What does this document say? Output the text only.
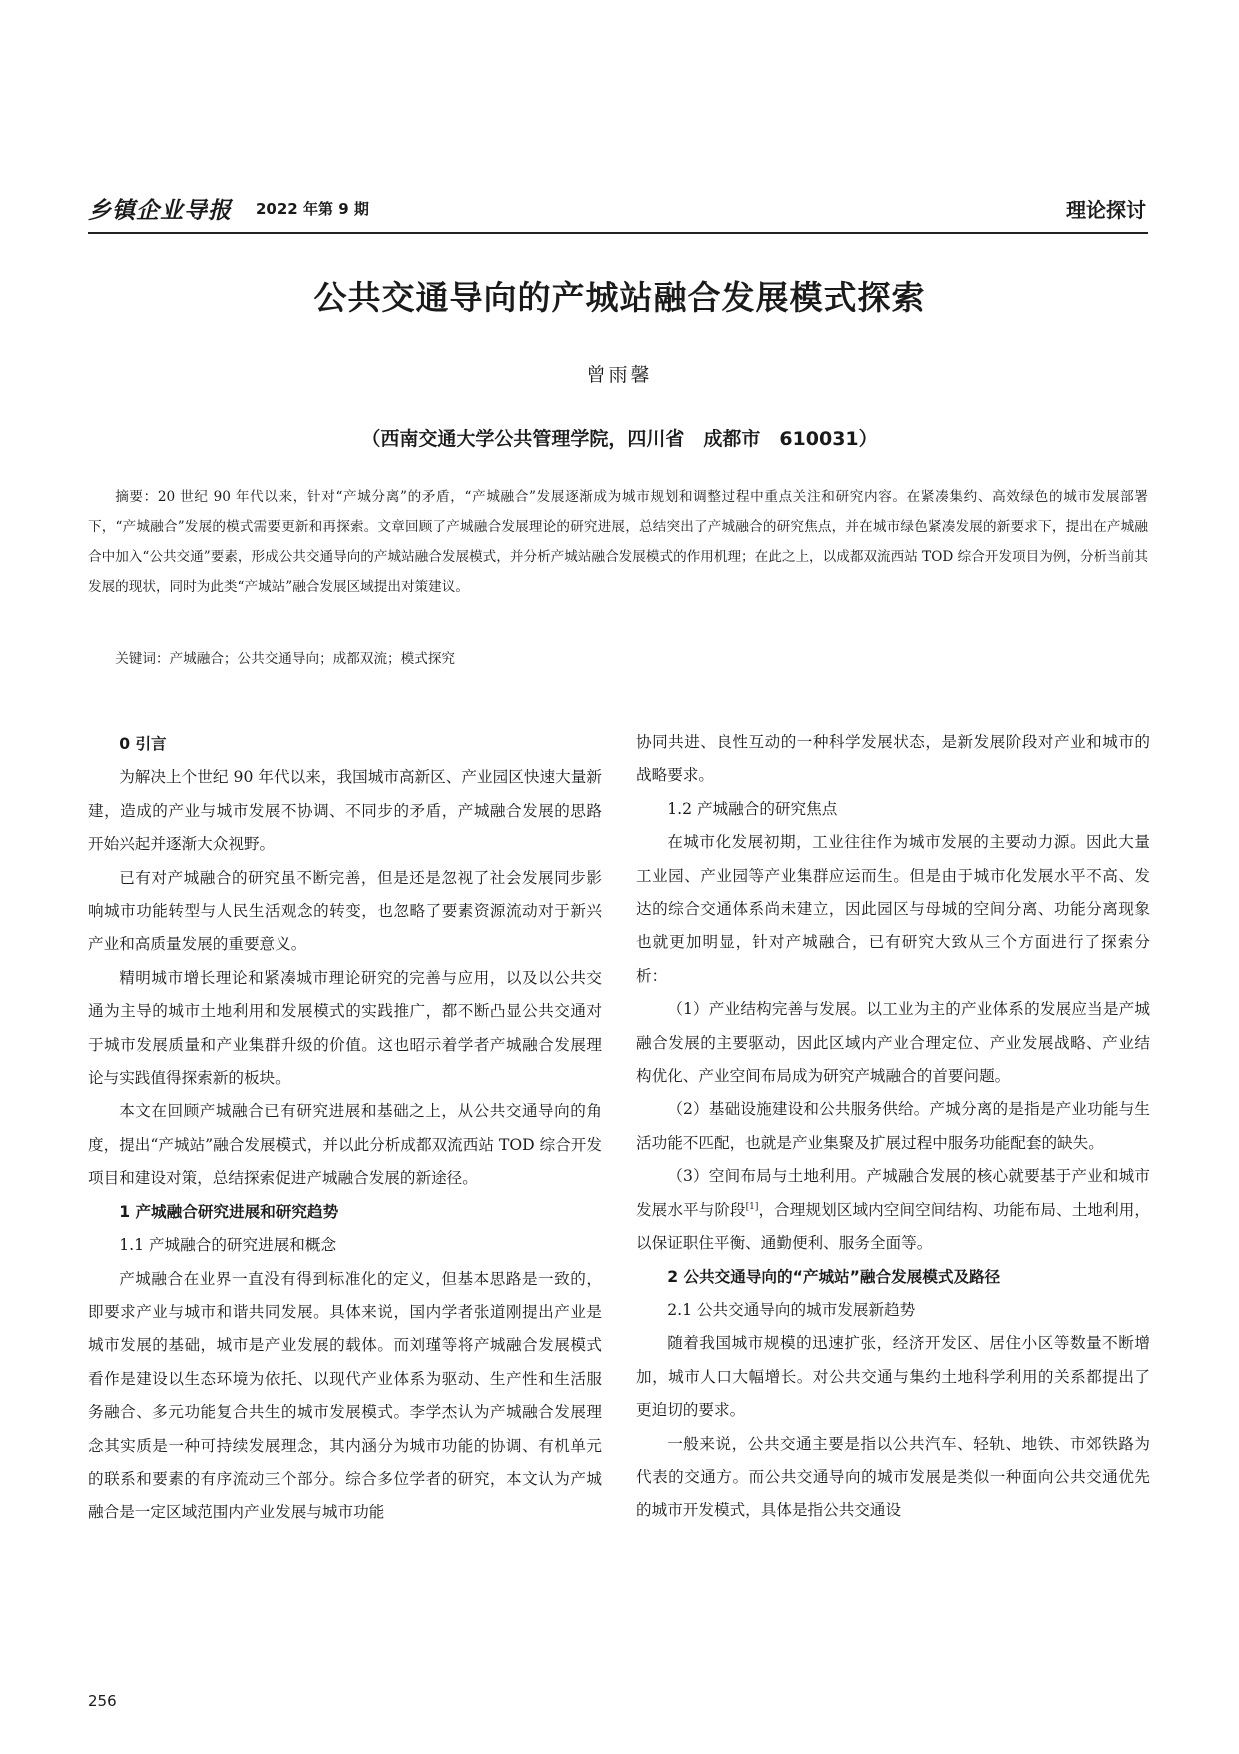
乡镇企业导报 2022 年第 9 期	理论探讨
公共交通导向的产城站融合发展模式探索
曾雨馨
（西南交通大学公共管理学院，四川省　成都市　610031）
摘要：20 世纪 90 年代以来，针对“产城分离”的矛盾，“产城融合”发展逐渐成为城市规划和调整过程中重点关注和研究内容。在紧凑集约、高效绿色的城市发展部署下，“产城融合”发展的模式需要更新和再探索。文章回顾了产城融合发展理论的研究进展，总结突出了产城融合的研究焦点，并在城市绿色紧凑发展的新要求下，提出在产城融合中加入“公共交通”要素，形成公共交通导向的产城站融合发展模式，并分析产城站融合发展模式的作用机理；在此之上，以成都双流西站 TOD 综合开发项目为例，分析当前其发展的现状，同时为此类“产城站”融合发展区域提出对策建议。
关键词：产城融合；公共交通导向；成都双流；模式探究
0 引言

为解决上个世纪 90 年代以来，我国城市高新区、产业园区快速大量新建，造成的产业与城市发展不协调、不同步的矛盾，产城融合发展的思路开始兴起并逐渐大众视野。

已有对产城融合的研究虽不断完善，但是还是忽视了社会发展同步影响城市功能转型与人民生活观念的转变，也忽略了要素资源流动对于新兴产业和高质量发展的重要意义。

精明城市增长理论和紧凑城市理论研究的完善与应用，以及以公共交通为主导的城市土地利用和发展模式的实践推广，都不断凸显公共交通对于城市发展质量和产业集群升级的价值。这也昭示着学者产城融合发展理论与实践值得探索新的板块。

本文在回顾产城融合已有研究进展和基础之上，从公共交通导向的角度，提出“产城站”融合发展模式，并以此分析成都双流西站 TOD 综合开发项目和建设对策，总结探索促进产城融合发展的新途径。

1 产城融合研究进展和研究趋势
1.1 产城融合的研究进展和概念

产城融合在业界一直没有得到标准化的定义，但基本思路是一致的，即要求产业与城市和谐共同发展。具体来说，国内学者张道刚提出产业是城市发展的基础，城市是产业发展的载体。而刘瑾等将产城融合发展模式看作是建设以生态环境为依托、以现代产业体系为驱动、生产性和生活服务融合、多元功能复合共生的城市发展模式。李学杰认为产城融合发展理念其实质是一种可持续发展理念，其内涵分为城市功能的协调、有机单元的联系和要素的有序流动三个部分。综合多位学者的研究，本文认为产城融合是一定区域范围内产业发展与城市功能

协同共进、良性互动的一种科学发展状态，是新发展阶段对产业和城市的战略要求。

1.2 产城融合的研究焦点

在城市化发展初期，工业往往作为城市发展的主要动力源。因此大量工业园、产业园等产业集群应运而生。但是由于城市化发展水平不高、发达的综合交通体系尚未建立，因此园区与母城的空间分离、功能分离现象也就更加明显，针对产城融合，已有研究大致从三个方面进行了探索分析：

（1）产业结构完善与发展。以工业为主的产业体系的发展应当是产城融合发展的主要驱动，因此区域内产业合理定位、产业发展战略、产业结构优化、产业空间布局成为研究产城融合的首要问题。

（2）基础设施建设和公共服务供给。产城分离的是指是产业功能与生活功能不匹配，也就是产业集聚及扩展过程中服务功能配套的缺失。

（3）空间布局与土地利用。产城融合发展的核心就要基于产业和城市发展水平与阶段[1]，合理规划区域内空间空间结构、功能布局、土地利用，以保证职住平衡、通勤便利、服务全面等。

2 公共交通导向的“产城站”融合发展模式及路径
2.1 公共交通导向的城市发展新趋势

随着我国城市规模的迅速扩张，经济开发区、居住小区等数量不断增加，城市人口大幅增长。对公共交通与集约土地科学利用的关系都提出了更迫切的要求。

一般来说，公共交通主要是指以公共汽车、轻轨、地铁、市郊铁路为代表的交通方。而公共交通导向的城市发展是类似一种面向公共交通优先的城市开发模式，具体是指公共交通设

256
